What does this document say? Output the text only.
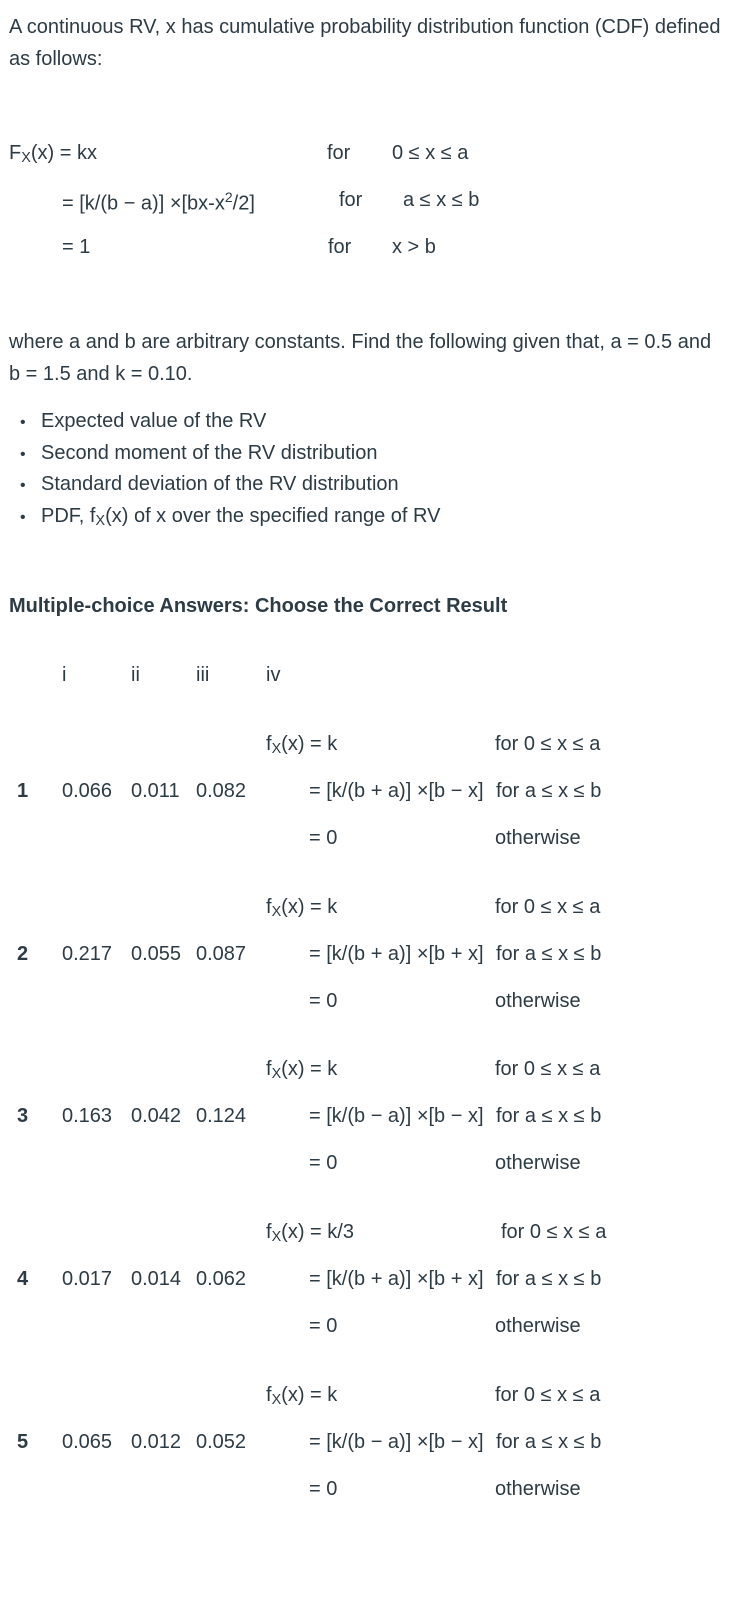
A continuous RV, x has cumulative probability distribution function (CDF) defined as follows:
FX(x) = kx	for 0 ≤ x ≤ a
= $[k/(b - a)] \times[bx-x^2/2]$	for a ≤ x ≤ b
= 1	for x > b
where a and b are arbitrary constants. Find the following given that, a = 0.5 and b = 1.5 and k = 0.10.
• Expected value of the RV
• Second moment of the RV distribution
• Standard deviation of the RV distribution
• PDF, fX(x) of x over the specified range of RV
Multiple-choice Answers: Choose the Correct Result
i	ii	iii	iv
1 0.066 0.011 0.082
fX(x) = k	for 0 ≤ x ≤ a
= [k/(b + a)] ×[b − x] for a ≤ x ≤ b
= 0	otherwise
2 0.217 0.055 0.087
fX(x) = k	for 0 ≤ x ≤ a
= [k/(b + a)] ×[b + x] for a ≤ x ≤ b
= 0	otherwise
3 0.163 0.042 0.124
fX(x) = k	for 0 ≤ x ≤ a
= [k/(b − a)] ×[b − x] for a ≤ x ≤ b
= 0	otherwise
4 0.017 0.014 0.062
fX(x) = k/3	for 0 ≤ x ≤ a
= [k/(b + a)] ×[b + x] for a ≤ x ≤ b
= 0	otherwise
5 0.065 0.012 0.052
fX(x) = k	for 0 ≤ x ≤ a
= [k/(b − a)] ×[b − x] for a ≤ x ≤ b
= 0	otherwise
